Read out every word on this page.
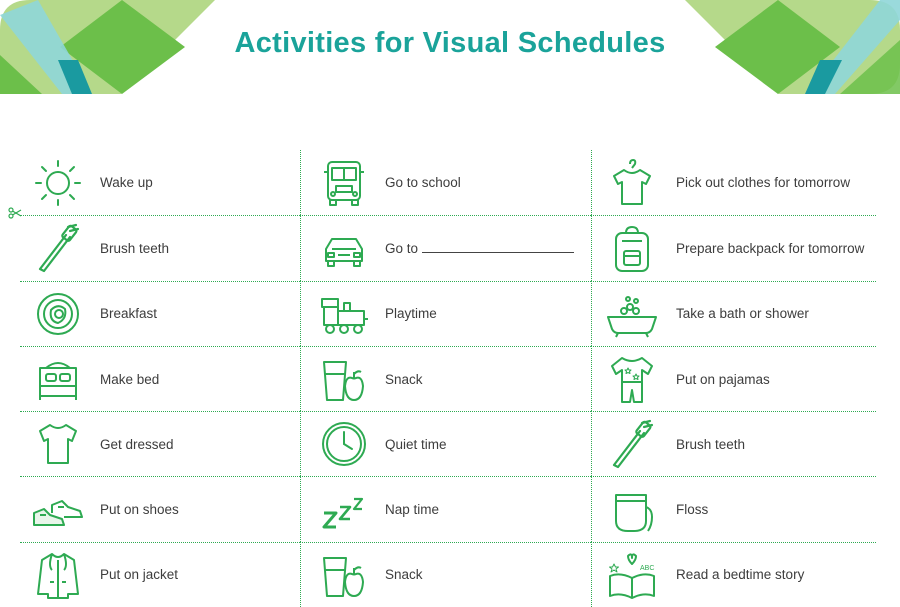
Activities for Visual Schedules
Wake up	Go to school	Pick out clothes for tomorrow
Brush teeth	Go to	Prepare backpack for tomorrow
Breakfast	Playtime	Take a bath or shower
Make bed	Snack	Put on pajamas
Get dressed	Quiet time	Brush teeth
Put on shoes	Nap time	Floss
Put on jacket	Snack	Read a bedtime story
